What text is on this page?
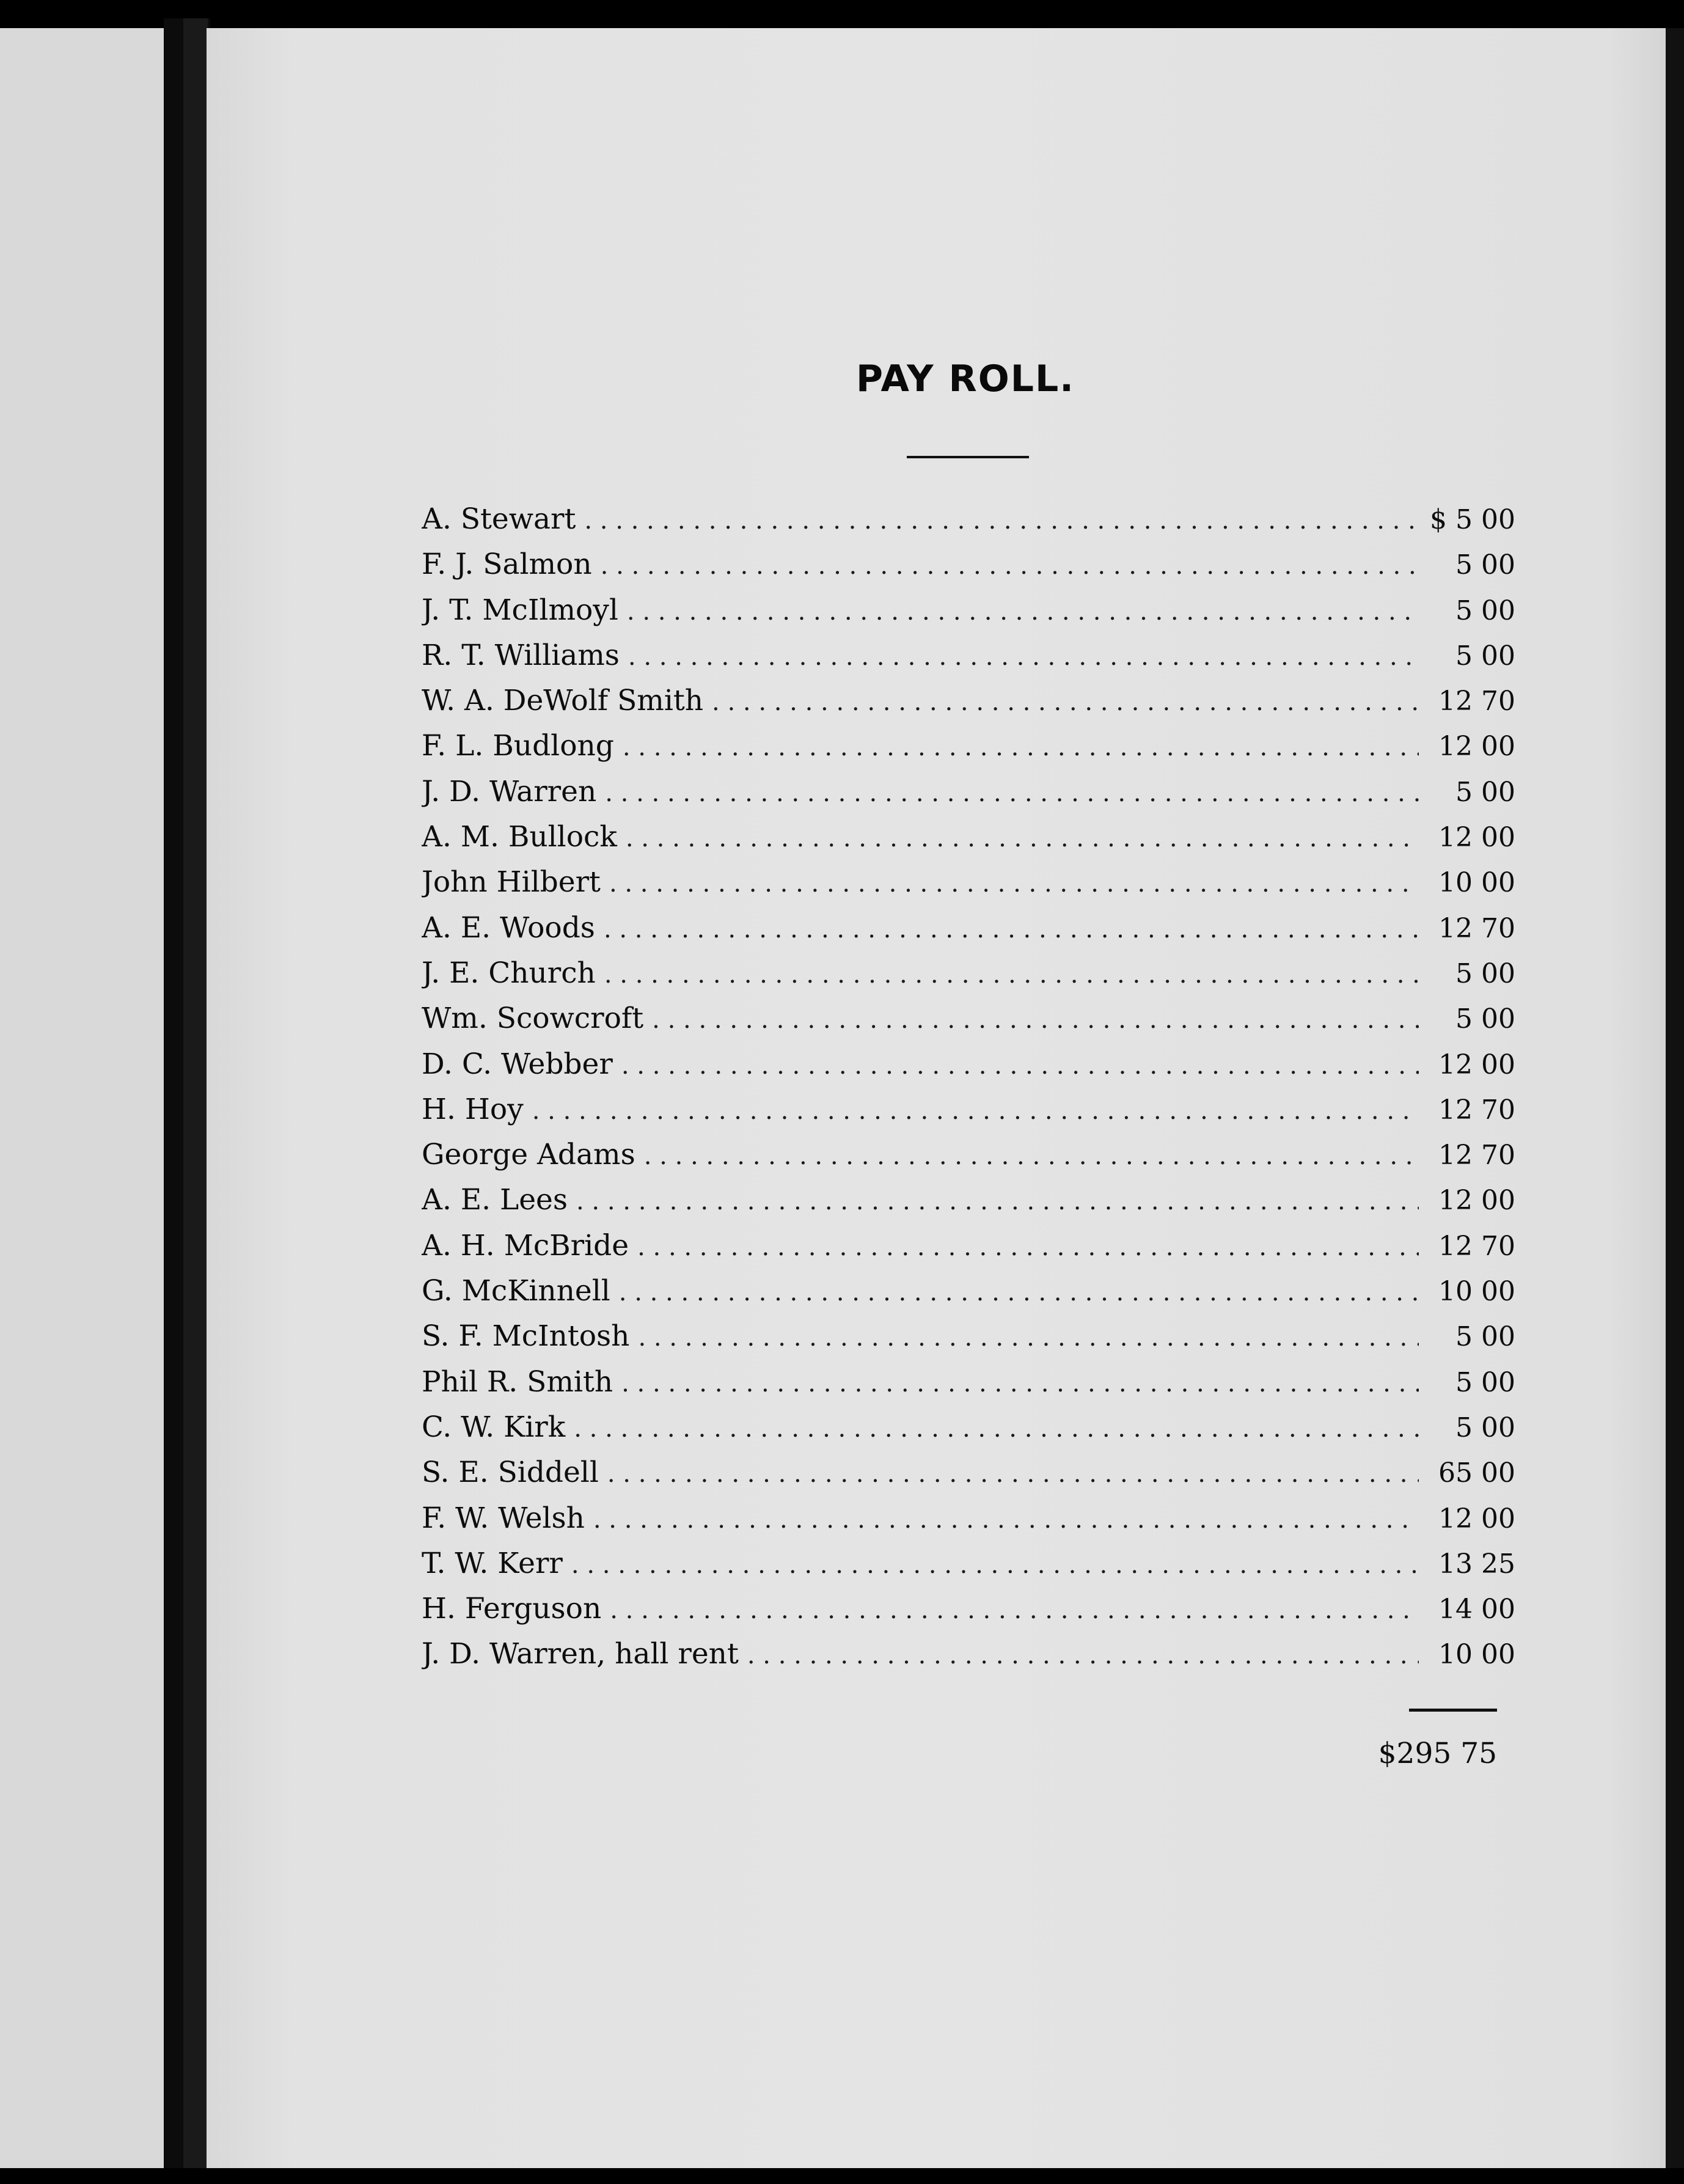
PAY ROLL.
A. Stewart . . .	$ 5 00
F. J. Salmon . . .	5 00
J. T. McIlmoyl . . .	5 00
R. T. Williams . . .	5 00
W. A. DeWolf Smith . . .	12 70
F. L. Budlong . . .	12 00
J. D. Warren . . .	5 00
A. M. Bullock . . .	12 00
John Hilbert . . .	10 00
A. E. Woods . . .	12 70
J. E. Church . . .	5 00
Wm. Scowcroft . . .	5 00
D. C. Webber . . .	12 00
H. Hoy . . .	12 70
George Adams . . .	12 70
A. E. Lees . . .	12 00
A. H. McBride . . .	12 70
G. McKinnell . . .	10 00
S. F. McIntosh . . .	5 00
Phil R. Smith . . .	5 00
C. W. Kirk . . .	5 00
S. E. Siddell . . .	65 00
F. W. Welsh . . .	12 00
T. W. Kerr . . .	13 25
H. Ferguson . . .	14 00
J. D. Warren, hall rent . . .	10 00
$295 75
